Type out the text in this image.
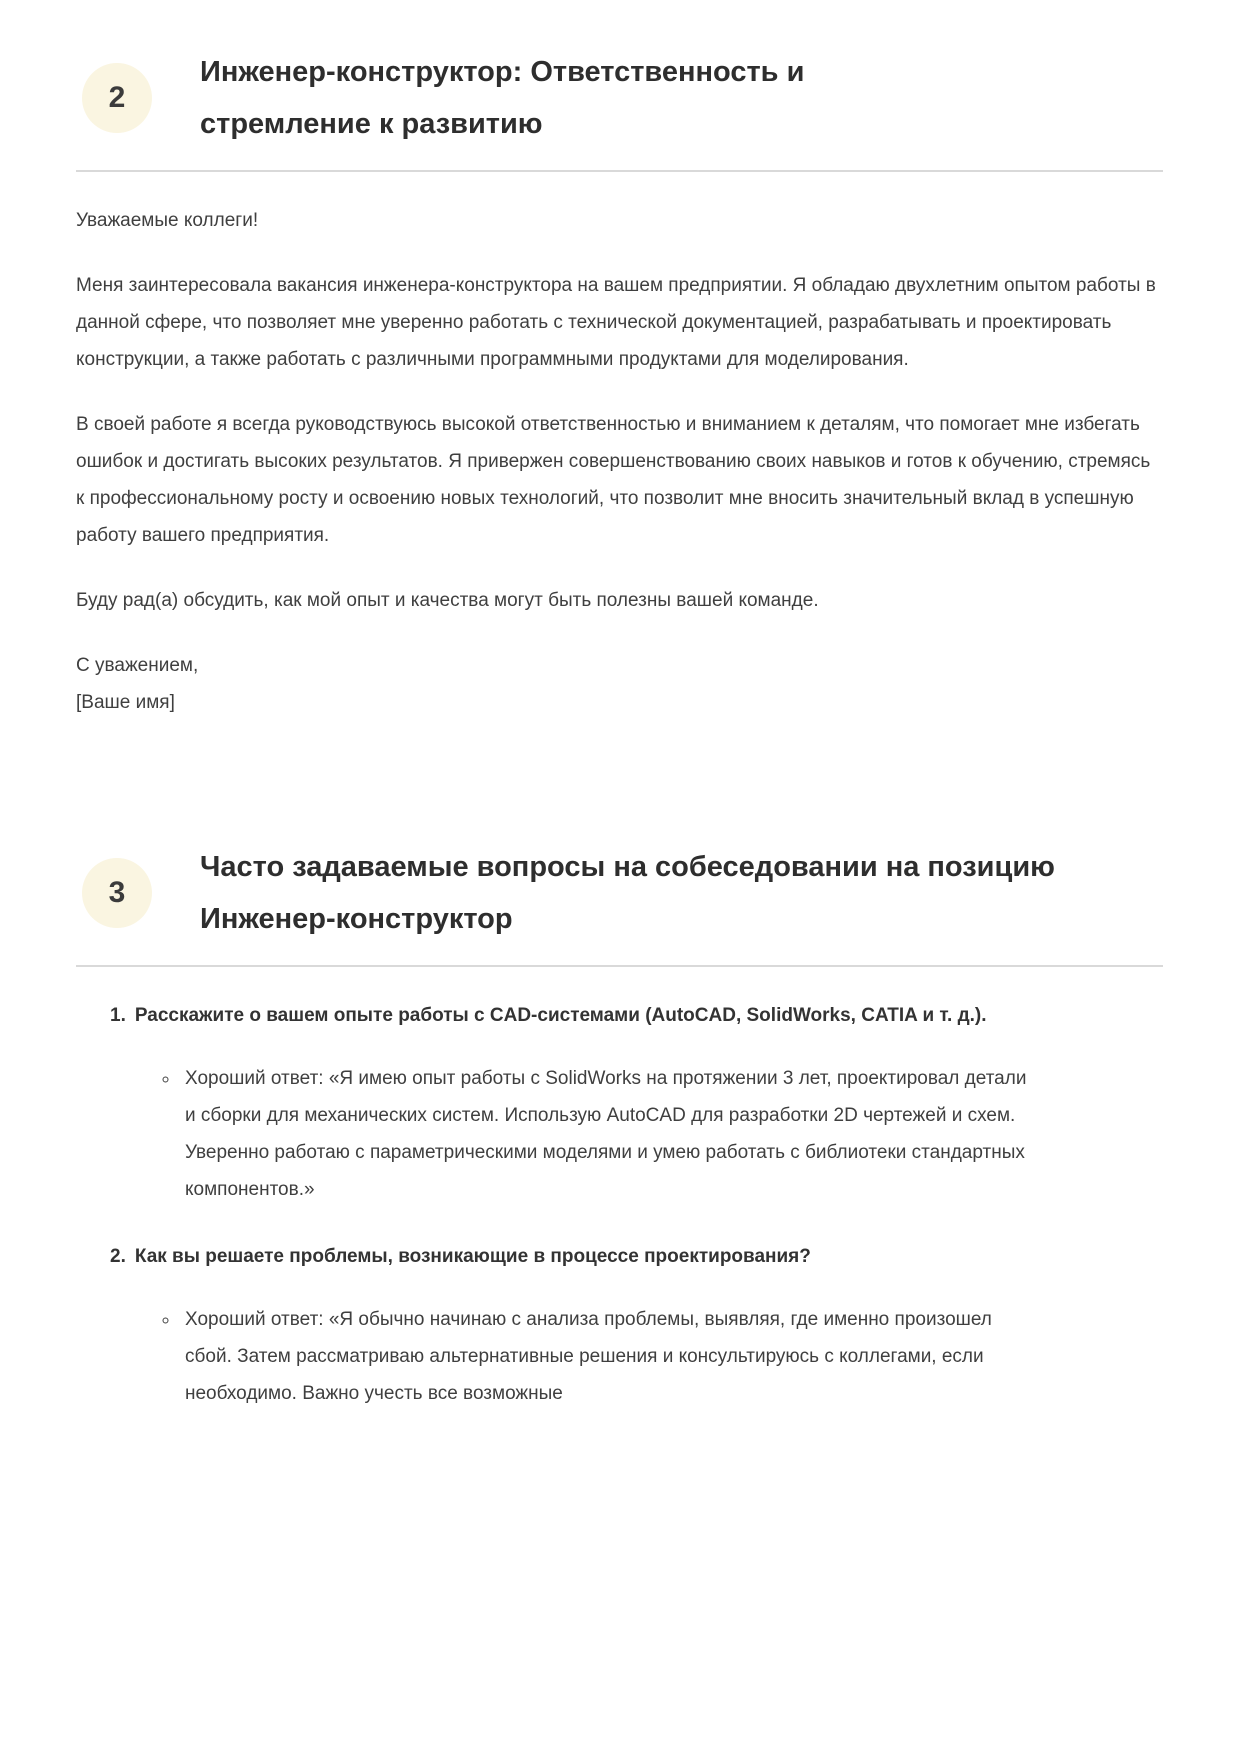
2
Инженер-конструктор: Ответственность и стремление к развитию

Уважаемые коллеги!

Меня заинтересовала вакансия инженера-конструктора на вашем предприятии. Я обладаю двухлетним опытом работы в данной сфере, что позволяет мне уверенно работать с технической документацией, разрабатывать и проектировать конструкции, а также работать с различными программными продуктами для моделирования.

В своей работе я всегда руководствуюсь высокой ответственностью и вниманием к деталям, что помогает мне избегать ошибок и достигать высоких результатов. Я привержен совершенствованию своих навыков и готов к обучению, стремясь к профессиональному росту и освоению новых технологий, что позволит мне вносить значительный вклад в успешную работу вашего предприятия.

Буду рад(а) обсудить, как мой опыт и качества могут быть полезны вашей команде.

С уважением,
[Ваше имя]

3
Часто задаваемые вопросы на собеседовании на позицию Инженер-конструктор
1. Расскажите о вашем опыте работы с CAD-системами (AutoCAD, SolidWorks, CATIA и т. д.).
◦ Хороший ответ: «Я имею опыт работы с SolidWorks на протяжении 3 лет, проектировал детали и сборки для механических систем. Использую AutoCAD для разработки 2D чертежей и схем. Уверенно работаю с параметрическими моделями и умею работать с библиотеки стандартных компонентов.»
2. Как вы решаете проблемы, возникающие в процессе проектирования?
◦ Хороший ответ: «Я обычно начинаю с анализа проблемы, выявляя, где именно произошел сбой. Затем рассматриваю альтернативные решения и консультируюсь с коллегами, если необходимо. Важно учесть все возможные
